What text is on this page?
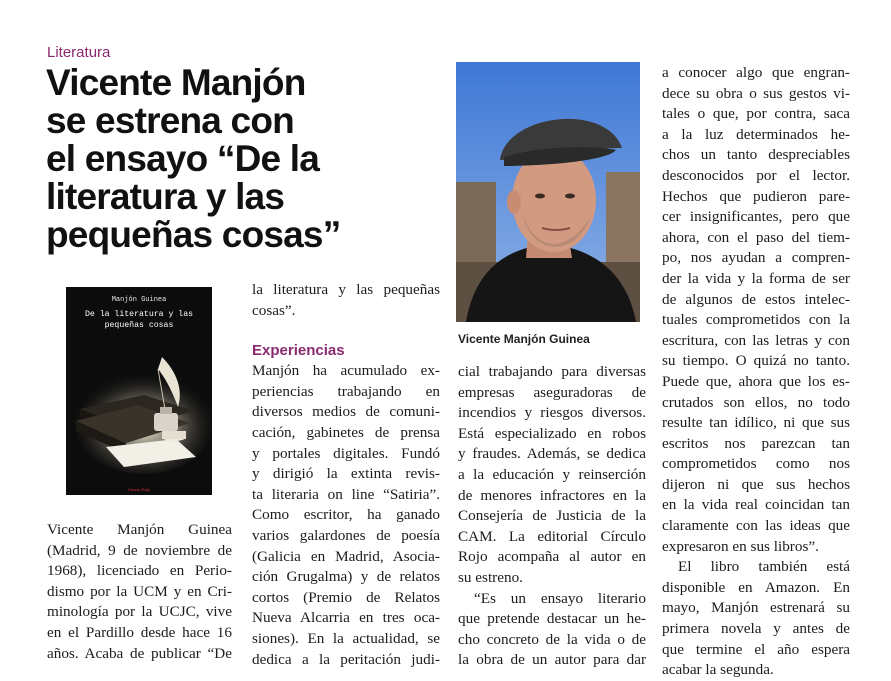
Literatura
Vicente Manjón
se estrena con
el ensayo “De la
literatura y las
pequeñas cosas”
Manjón Guinea
De la literatura y las
pequeñas cosas
Círculo Rojo
Vicente Manjón Guinea
Vicente Manjón Guinea
(Madrid, 9 de noviembre de
1968), licenciado en Perio-
dismo por la UCM y en Cri-
minología por la UCJC, vive
en el Pardillo desde hace 16
años. Acaba de publicar “De
la literatura y las pequeñas
cosas”.
Experiencias
Manjón ha acumulado ex-
periencias trabajando en
diversos medios de comuni-
cación, gabinetes de prensa
y portales digitales. Fundó
y dirigió la extinta revis-
ta literaria on line “Satiria”.
Como escritor, ha ganado
varios galardones de poesía
(Galicia en Madrid, Asocia-
ción Grugalma) y de relatos
cortos (Premio de Relatos
Nueva Alcarria en tres oca-
siones). En la actualidad, se
dedica a la peritación judi-
cial trabajando para diversas
empresas aseguradoras de
incendios y riesgos diversos.
Está especializado en robos
y fraudes. Además, se dedica
a la educación y reinserción
de menores infractores en la
Consejería de Justicia de la
CAM. La editorial Círculo
Rojo acompaña al autor en
su estreno.
“Es un ensayo literario
que pretende destacar un he-
cho concreto de la vida o de
la obra de un autor para dar
a conocer algo que engran-
dece su obra o sus gestos vi-
tales o que, por contra, saca
a la luz determinados he-
chos un tanto despreciables
desconocidos por el lector.
Hechos que pudieron pare-
cer insignificantes, pero que
ahora, con el paso del tiem-
po, nos ayudan a compren-
der la vida y la forma de ser
de algunos de estos intelec-
tuales comprometidos con la
escritura, con las letras y con
su tiempo. O quizá no tanto.
Puede que, ahora que los es-
crutados son ellos, no todo
resulte tan idílico, ni que sus
escritos nos parezcan tan
comprometidos como nos
dijeron ni que sus hechos
en la vida real coincidan tan
claramente con las ideas que
expresaron en sus libros”.
El libro también está
disponible en Amazon. En
mayo, Manjón estrenará su
primera novela y antes de
que termine el año espera
acabar la segunda.
